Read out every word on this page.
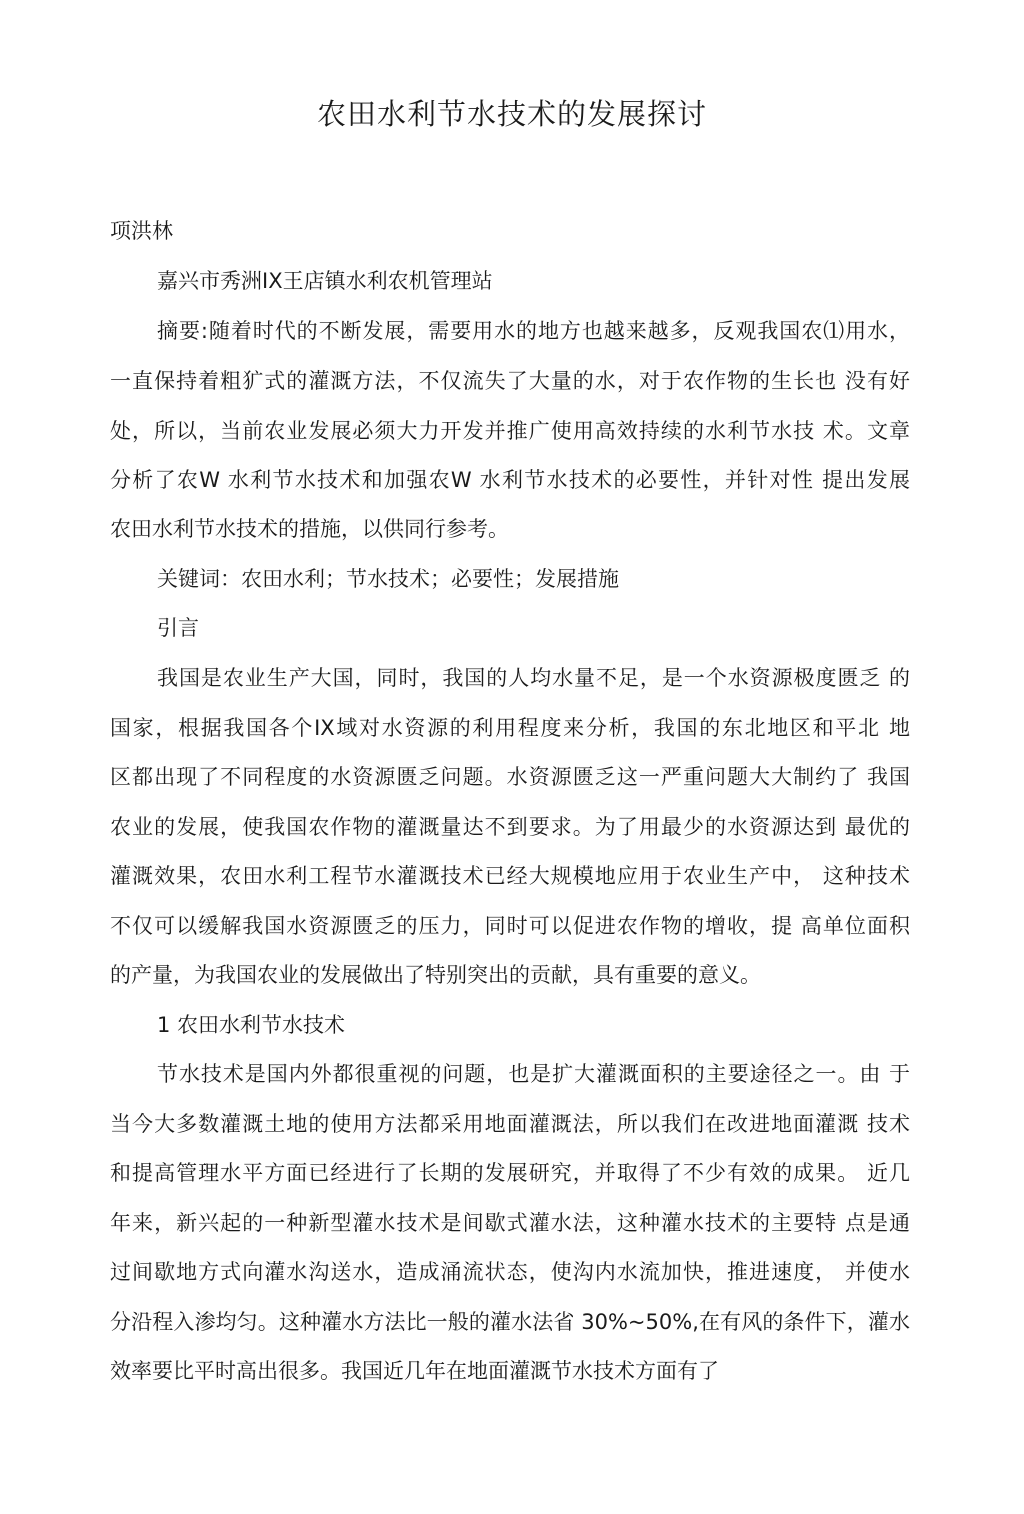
农田水利节水技术的发展探讨
项洪林
嘉兴市秀洲IX王店镇水利农机管理站
摘要:随着时代的不断发展，需要用水的地方也越来越多，反观我国农⑴用水，
一直保持着粗犷式的灌溉方法，不仅流失了大量的水，对于农作物的生长也 没有好
处，所以，当前农业发展必须大力开发并推广使用高效持续的水利节水技 术。文章
分析了农W 水利节水技术和加强农W 水利节水技术的必要性，并针对性 提出发展
农田水利节水技术的措施，以供同行参考。
关键词：农田水利；节水技术；必要性；发展措施
引言
我国是农业生产大国，同时，我国的人均水量不足，是一个水资源极度匮乏 的
国家，根据我国各个IX域对水资源的利用程度来分析，我国的东北地区和平北 地
区都出现了不同程度的水资源匮乏问题。水资源匮乏这一严重问题大大制约了 我国
农业的发展，使我国农作物的灌溉量达不到要求。为了用最少的水资源达到 最优的
灌溉效果，农田水利工程节水灌溉技术已经大规模地应用于农业生产中， 这种技术
不仅可以缓解我国水资源匮乏的压力，同时可以促进农作物的增收，提 高单位面积
的产量，为我国农业的发展做出了特别突出的贡献，具有重要的意义。
1 农田水利节水技术
节水技术是国内外都很重视的问题，也是扩大灌溉面积的主要途径之一。由 于
当今大多数灌溉土地的使用方法都采用地面灌溉法，所以我们在改进地面灌溉 技术
和提高管理水平方面已经进行了长期的发展研究，并取得了不少有效的成果。 近几
年来，新兴起的一种新型灌水技术是间歇式灌水法，这种灌水技术的主要特 点是通
过间歇地方式向灌水沟送水，造成涌流状态，使沟内水流加快，推进速度， 并使水
分沿程入渗均匀。这种灌水方法比一般的灌水法省 30%~50%,在有风的条件下，灌水
效率要比平时高出很多。我国近几年在地面灌溉节水技术方面有了
